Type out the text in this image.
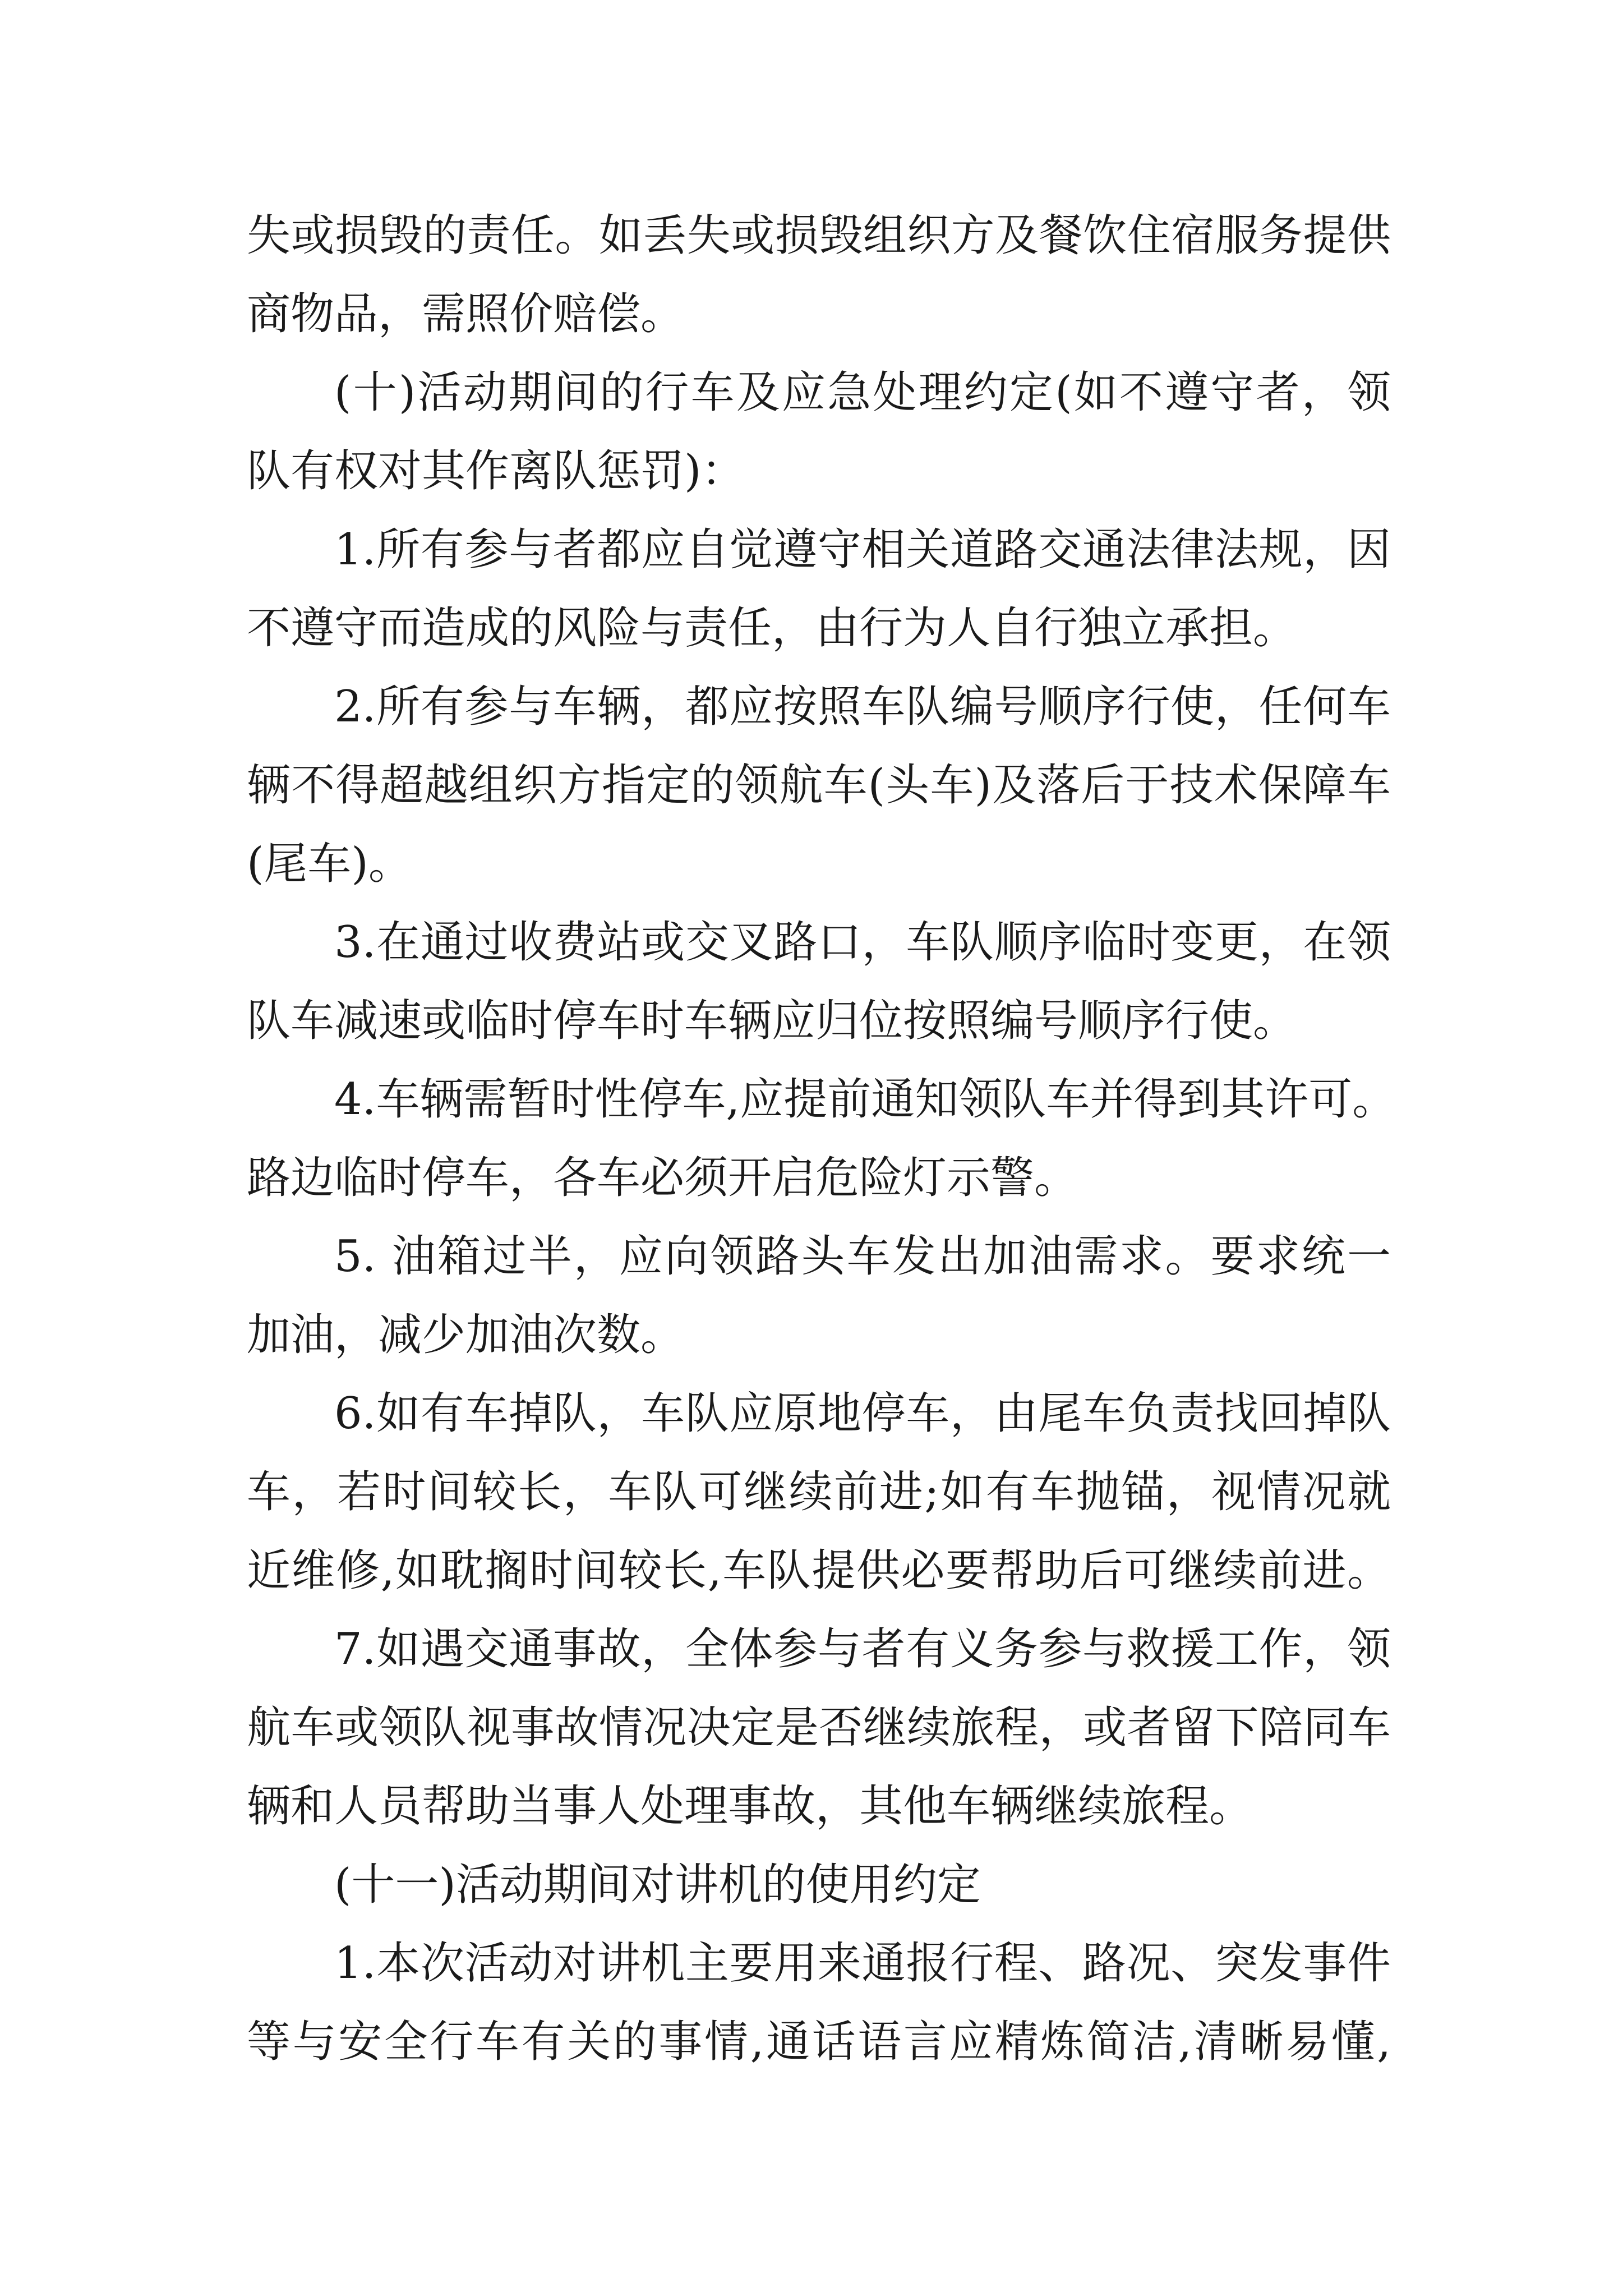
失或损毁的责任。如丢失或损毁组织方及餐饮住宿服务提供
商物品，需照价赔偿。
(十)活动期间的行车及应急处理约定(如不遵守者，领
队有权对其作离队惩罚)：
1.所有参与者都应自觉遵守相关道路交通法律法规，因
不遵守而造成的风险与责任，由行为人自行独立承担。
2.所有参与车辆，都应按照车队编号顺序行使，任何车
辆不得超越组织方指定的领航车(头车)及落后于技术保障车
(尾车)。
3.在通过收费站或交叉路口，车队顺序临时变更，在领
队车减速或临时停车时车辆应归位按照编号顺序行使。
4.车辆需暂时性停车,应提前通知领队车并得到其许可。
路边临时停车，各车必须开启危险灯示警。
5. 油箱过半，应向领路头车发出加油需求。要求统一
加油，减少加油次数。
6.如有车掉队，车队应原地停车，由尾车负责找回掉队
车，若时间较长，车队可继续前进;如有车抛锚，视情况就
近维修,如耽搁时间较长,车队提供必要帮助后可继续前进。
7.如遇交通事故，全体参与者有义务参与救援工作，领
航车或领队视事故情况决定是否继续旅程，或者留下陪同车
辆和人员帮助当事人处理事故，其他车辆继续旅程。
(十一)活动期间对讲机的使用约定
1.本次活动对讲机主要用来通报行程、路况、突发事件
等与安全行车有关的事情,通话语言应精炼简洁,清晰易懂,
